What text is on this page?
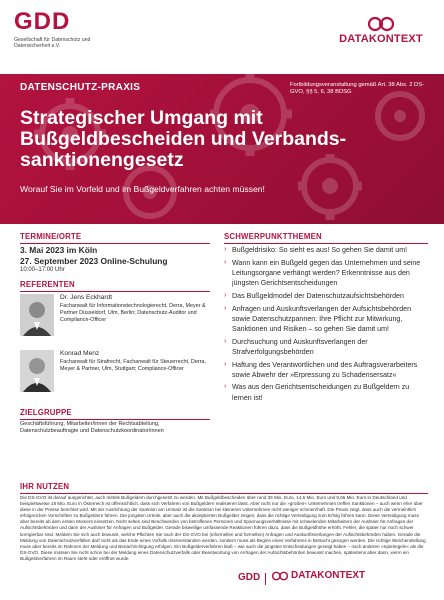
GDD
Gesellschaft für Datenschutz und Datensicherheit e.V.
DATAKONTEXT
DATENSCHUTZ-PRAXIS	Fortbildungsveranstaltung gemäß Art. 38 Abs. 2 DS-GVO, §§ 5, 6, 38 BDSG
Strategischer Umgang mit Bußgeldbescheiden und Verbandssanktionengesetz
Worauf Sie im Vorfeld und im Bußgeldverfahren achten müssen!
TERMINE/ORTE
3. Mai 2023 im Köln
27. September 2023 Online-Schulung
10:00–17:00 Uhr
REFERENTEN
Dr. Jens Eckhardt
Fachanwalt für Informationstechnologierecht, Derra, Meyer & Partner Düsseldorf, Ulm, Berlin; Datenschutz-Auditor und Compliance-Officer
Konrad Menz
Fachanwalt für Strafrecht, Fachanwalt für Steuerrecht, Derra, Meyer & Partner, Ulm, Stuttgart; Compliance-Officer
ZIELGRUPPE
Geschäftsführung, Mitarbeiter/innen der Rechtsabteilung, Datenschutzbeauftragte und Datenschutzkoordinator/innen
SCHWERPUNKTTHEMEN
› Bußgeldrisiko: So sieht es aus! So gehen Sie damit um!
› Wann kann ein Bußgeld gegen das Unternehmen und seine Leitungsorgane verhängt werden? Erkenntnisse aus den jüngsten Gerichtsentscheidungen
› Das Bußgeldmodel der Datenschutzaufsichtsbehörden
› Anfragen und Auskunftsverlangen der Aufsichtsbehörden sowie Datenschutzpannen: Ihre Pflicht zur Mitwirkung, Sanktionen und Risiken – so gehen Sie damit um!
› Durchsuchung und Auskunftsverlangen der Strafverfolgungsbehörden
› Haftung des Verantwortlichen und des Auftragsverarbeiters sowie Abwehr der »Erpressung zu Schadensersatz«
› Was aus den Gerichtsentscheidungen zu Bußgeldern zu lernen ist!
IHR NUTZEN
Die DS-GVO ist darauf ausgerichtet, auch mittels Bußgeldern durchgesetzt zu werden. Mit Bußgeldbescheiden über rund 35 Mio. Euro, 14,5 Mio. Euro und 9,55 Mio. Euro in Deutschland und beispielsweise 18 Mio. Euro in Österreich ist offensichtlich, dass sich Verfahren von Bußgeldern realisieren lässt. Aber nicht nur die »großen« Unternehmen treffen Sanktionen – auch wenn eher über diese in der Presse berichtet wird. Mit der Ausrichtung der Sanktion am Umsatz ist die Sanktion bei kleineren Unternehmen nicht weniger schmerzhaft. Die Praxis zeigt, dass auch die vermeintlich erfolgreichen Vorschriften zu Bußgeldern führen. Die jüngsten Urteile, aber auch die akzeptierten Bußgelder zeigen, dass die richtige Verteidigung zum Erfolg führen kann. Diese Verteidigung muss aber bereits ab dem ersten Moment einsetzen. Nicht selten sind Beschwerden von betroffenen Personen und Spannungsverhältnisse mit schwelenden Mitarbeitern der Auslöser für Anfragen der Aufsichtsbehörden und dann der Auslöser für Anfragen und Bußgelder. Gerade bisweilige umfassende Reaktionen führen dazu, dass die Bußgeldhöhe erhöht. Fehler, die später nur noch schwer korrigierbar sind. Meldem Sie sich auch bewusst, welche Pflichten Sie nach der DS-GVO bei (informellen und formellen) Anfragen und Auskunftsverlangen der Aufsichtsbehörden haben. Gerade die Meldung von Datenschutzverfällen darf nicht als das Ende eines Vorfalls missverstanden werden, sondern muss als Beginn eines Verfahrens in Betracht gezogen werden. Die richtige Weichenstellung muss aber bereits im Rahmen der Meldung und Benachrichtigung erfolgen. Ein Bußgelderverfahren läuft – wie auch die jüngsten Entscheidungen gezeigt haben – nach anderen »Spielregeln« als die DS-GVO. Diese müssen Sie nicht schon bei der Meldung eines Datenschutzverfalls oder Beantwortung von Anfragen der Aufsichtsbehörden bewusst machen, spätestens aber dann, wenn ein Bußgeldverfahren im Raum steht oder eröffnet wurde.
GDD	DATAKONTEXT
